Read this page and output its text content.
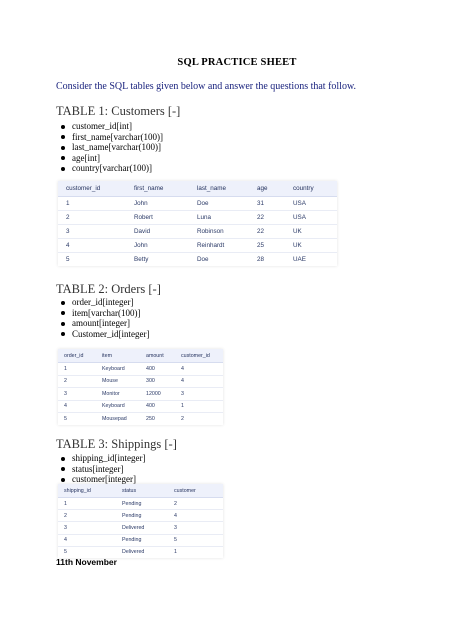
SQL PRACTICE SHEET
Consider the SQL tables given below and answer the questions that follow.
TABLE 1: Customers [-]
customer_id[int]
first_name[varchar(100)]
last_name[varchar(100)]
age[int]
country[varchar(100)]
customer_id	first_name	last_name	age	country
1	John	Doe	31	USA
2	Robert	Luna	22	USA
3	David	Robinson	22	UK
4	John	Reinhardt	25	UK
5	Betty	Doe	28	UAE
TABLE 2: Orders [-]
order_id[integer]
item[varchar(100)]
amount[integer]
Customer_id[integer]
order_id	item	amount	customer_id
1	Keyboard	400	4
2	Mouse	300	4
3	Monitor	12000	3
4	Keyboard	400	1
5	Mousepad	250	2
TABLE 3: Shippings [-]
shipping_id[integer]
status[integer]
customer[integer]
shipping_id	status	customer
1	Pending	2
2	Pending	4
3	Delivered	3
4	Pending	5
5	Delivered	1
11th November
